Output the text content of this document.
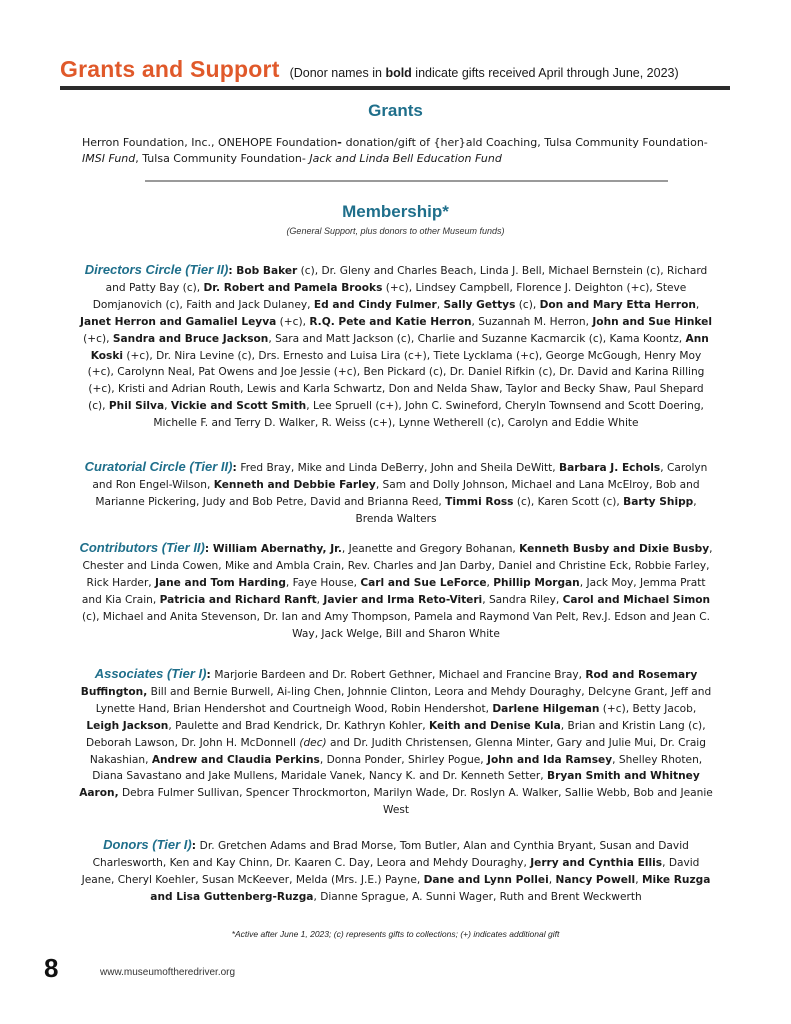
Grants and Support (Donor names in bold indicate gifts received April through June, 2023)
Grants
Herron Foundation, Inc., ONEHOPE Foundation- donation/gift of {her}ald Coaching, Tulsa Community Foundation-
IMSI Fund, Tulsa Community Foundation- Jack and Linda Bell Education Fund
Membership*
(General Support, plus donors to other Museum funds)
Directors Circle (Tier II): Bob Baker (c), Dr. Gleny and Charles Beach, Linda J. Bell, Michael Bernstein (c), Richard and Patty Bay (c), Dr. Robert and Pamela Brooks (+c), Lindsey Campbell, Florence J. Deighton (+c), Steve Domjanovich (c), Faith and Jack Dulaney, Ed and Cindy Fulmer, Sally Gettys (c), Don and Mary Etta Herron, Janet Herron and Gamaliel Leyva (+c), R.Q. Pete and Katie Herron, Suzannah M. Herron, John and Sue Hinkel (+c), Sandra and Bruce Jackson, Sara and Matt Jackson (c), Charlie and Suzanne Kacmarcik (c), Kama Koontz, Ann Koski (+c), Dr. Nira Levine (c), Drs. Ernesto and Luisa Lira (c+), Tiete Lycklama (+c), George McGough, Henry Moy (+c), Carolynn Neal, Pat Owens and Joe Jessie (+c), Ben Pickard (c), Dr. Daniel Rifkin (c), Dr. David and Karina Rilling (+c), Kristi and Adrian Routh, Lewis and Karla Schwartz, Don and Nelda Shaw, Taylor and Becky Shaw, Paul Shepard (c), Phil Silva, Vickie and Scott Smith, Lee Spruell (c+), John C. Swineford, Cheryln Townsend and Scott Doering, Michelle F. and Terry D. Walker, R. Weiss (c+), Lynne Wetherell (c), Carolyn and Eddie White
Curatorial Circle (Tier II): Fred Bray, Mike and Linda DeBerry, John and Sheila DeWitt, Barbara J. Echols, Carolyn and Ron Engel-Wilson, Kenneth and Debbie Farley, Sam and Dolly Johnson, Michael and Lana McElroy, Bob and Marianne Pickering, Judy and Bob Petre, David and Brianna Reed, Timmi Ross (c), Karen Scott (c), Barty Shipp, Brenda Walters
Contributors (Tier II): William Abernathy, Jr., Jeanette and Gregory Bohanan, Kenneth Busby and Dixie Busby, Chester and Linda Cowen, Mike and Ambla Crain, Rev. Charles and Jan Darby, Daniel and Christine Eck, Robbie Farley, Rick Harder, Jane and Tom Harding, Faye House, Carl and Sue LeForce, Phillip Morgan, Jack Moy, Jemma Pratt and Kia Crain, Patricia and Richard Ranft, Javier and Irma Reto-Viteri, Sandra Riley, Carol and Michael Simon (c), Michael and Anita Stevenson, Dr. Ian and Amy Thompson, Pamela and Raymond Van Pelt, Rev.J. Edson and Jean C. Way, Jack Welge, Bill and Sharon White
Associates (Tier I): Marjorie Bardeen and Dr. Robert Gethner, Michael and Francine Bray, Rod and Rosemary Buffington, Bill and Bernie Burwell, Ai-ling Chen, Johnnie Clinton, Leora and Mehdy Douraghy, Delcyne Grant, Jeff and Lynette Hand, Brian Hendershot and Courtneigh Wood, Robin Hendershot, Darlene Hilgeman (+c), Betty Jacob, Leigh Jackson, Paulette and Brad Kendrick, Dr. Kathryn Kohler, Keith and Denise Kula, Brian and Kristin Lang (c), Deborah Lawson, Dr. John H. McDonnell (dec) and Dr. Judith Christensen, Glenna Minter, Gary and Julie Mui, Dr. Craig Nakashian, Andrew and Claudia Perkins, Donna Ponder, Shirley Pogue, John and Ida Ramsey, Shelley Rhoten, Diana Savastano and Jake Mullens, Maridale Vanek, Nancy K. and Dr. Kenneth Setter, Bryan Smith and Whitney Aaron, Debra Fulmer Sullivan, Spencer Throckmorton, Marilyn Wade, Dr. Roslyn A. Walker, Sallie Webb, Bob and Jeanie West
Donors (Tier I): Dr. Gretchen Adams and Brad Morse, Tom Butler, Alan and Cynthia Bryant, Susan and David Charlesworth, Ken and Kay Chinn, Dr. Kaaren C. Day, Leora and Mehdy Douraghy, Jerry and Cynthia Ellis, David Jeane, Cheryl Koehler, Susan McKeever, Melda (Mrs. J.E.) Payne, Dane and Lynn Pollei, Nancy Powell, Mike Ruzga and Lisa Guttenberg-Ruzga, Dianne Sprague, A. Sunni Wager, Ruth and Brent Weckwerth
*Active after June 1, 2023; (c) represents gifts to collections; (+) indicates additional gift
8	www.museumoftheredriver.org
